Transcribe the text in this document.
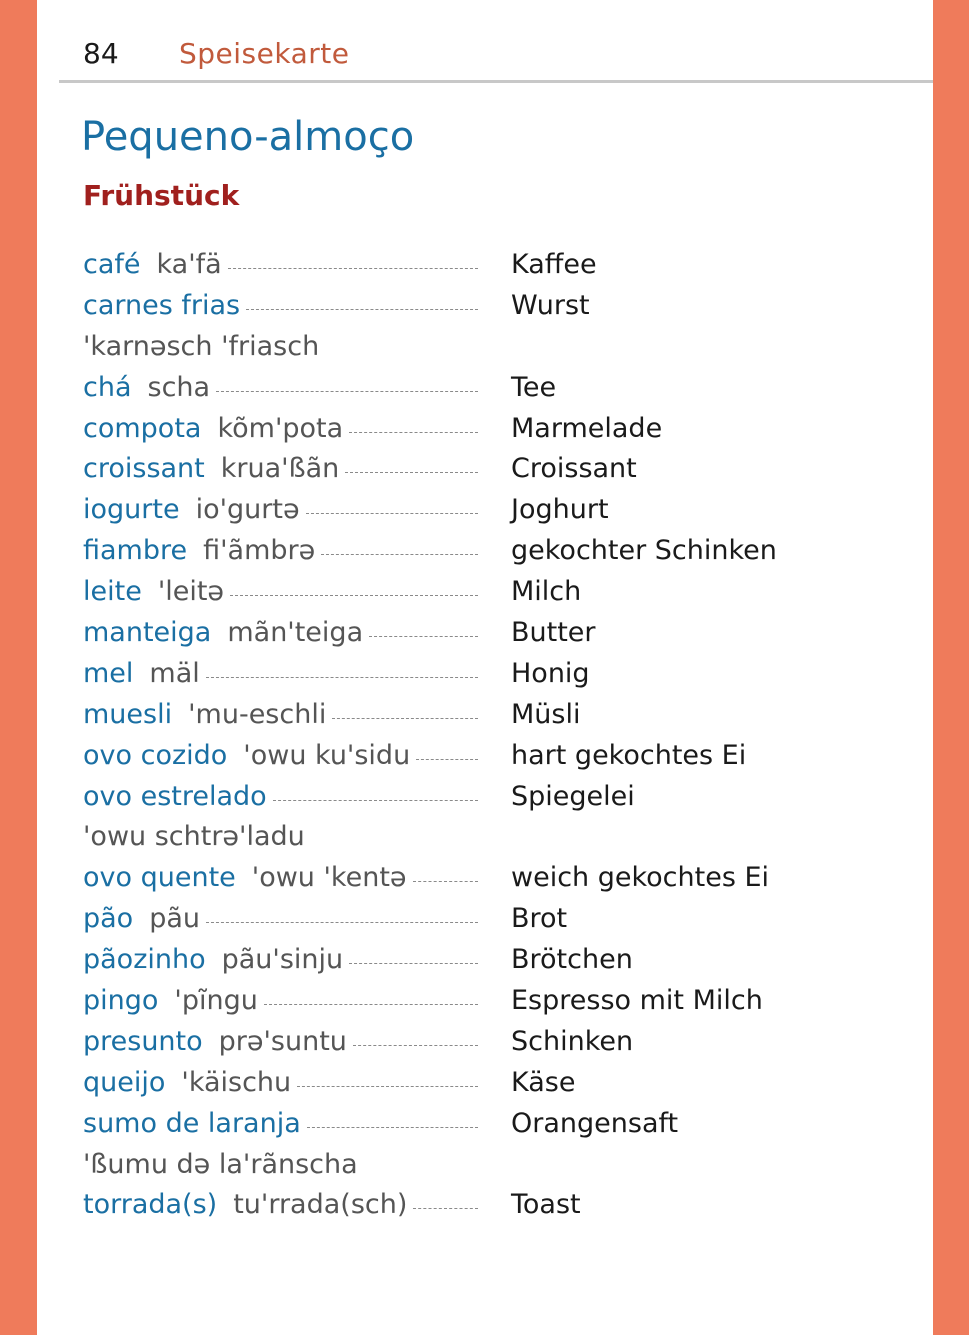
84 Speisekarte
Pequeno-almoço
Frühstück
café ka'fä	Kaffee
carnes frias	Wurst
'karnəsch 'friasch
chá scha	Tee
compota kõm'pota	Marmelade
croissant krua'ßãn	Croissant
iogurte io'gurtə	Joghurt
fiambre fi'ãmbrə	gekochter Schinken
leite 'leitə	Milch
manteiga mãn'teiga	Butter
mel mäl	Honig
muesli 'mu-eschli	Müsli
ovo cozido 'owu ku'sidu	hart gekochtes Ei
ovo estrelado	Spiegelei
'owu schtrə'ladu
ovo quente 'owu 'kentə	weich gekochtes Ei
pão pãu	Brot
pãozinho pãu'sinju	Brötchen
pingo 'pĩngu	Espresso mit Milch
presunto prə'suntu	Schinken
queijo 'käischu	Käse
sumo de laranja	Orangensaft
'ßumu də la'rãnscha
torrada(s) tu'rrada(sch)	Toast
